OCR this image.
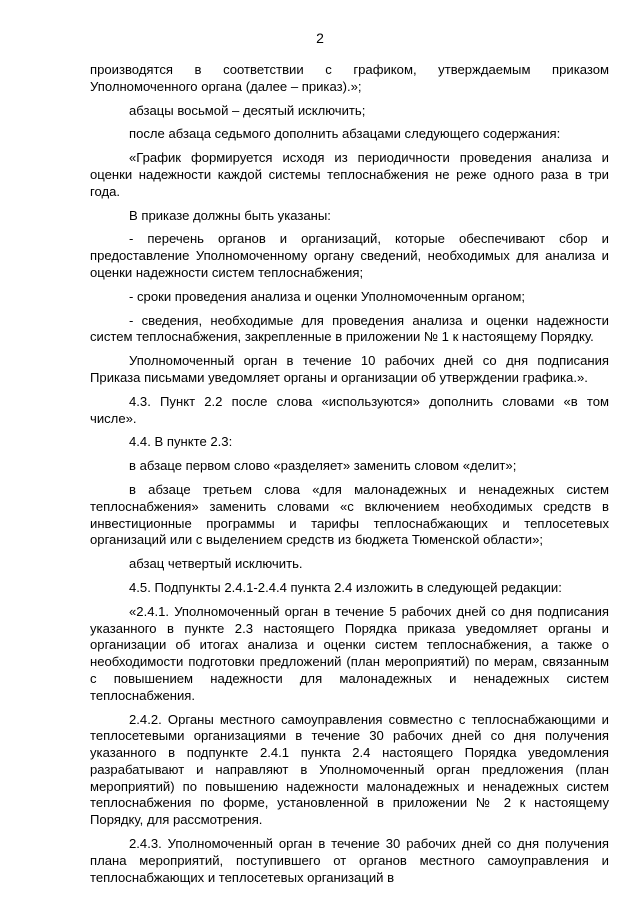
2

производятся в соответствии с графиком, утверждаемым приказом Уполномоченного органа (далее – приказ).»;

абзацы восьмой – десятый исключить;

после абзаца седьмого дополнить абзацами следующего содержания:

«График формируется исходя из периодичности проведения анализа и оценки надежности каждой системы теплоснабжения не реже одного раза в три года.

В приказе должны быть указаны:

- перечень органов и организаций, которые обеспечивают сбор и предоставление Уполномоченному органу сведений, необходимых для анализа и оценки надежности систем теплоснабжения;

- сроки проведения анализа и оценки Уполномоченным органом;

- сведения, необходимые для проведения анализа и оценки надежности систем теплоснабжения, закрепленные в приложении № 1 к настоящему Порядку.

Уполномоченный орган в течение 10 рабочих дней со дня подписания Приказа письмами уведомляет органы и организации об утверждении графика.».

4.3. Пункт 2.2 после слова «используются» дополнить словами «в том числе».

4.4. В пункте 2.3:

в абзаце первом слово «разделяет» заменить словом «делит»;

в абзаце третьем слова «для малонадежных и ненадежных систем теплоснабжения» заменить словами «с включением необходимых средств в инвестиционные программы и тарифы теплоснабжающих и теплосетевых организаций или с выделением средств из бюджета Тюменской области»;

абзац четвертый исключить.

4.5. Подпункты 2.4.1-2.4.4 пункта 2.4 изложить в следующей редакции:

«2.4.1. Уполномоченный орган в течение 5 рабочих дней со дня подписания указанного в пункте 2.3 настоящего Порядка приказа уведомляет органы и организации об итогах анализа и оценки систем теплоснабжения, а также о необходимости подготовки предложений (план мероприятий) по мерам, связанным с повышением надежности для малонадежных и ненадежных систем теплоснабжения.

2.4.2. Органы местного самоуправления совместно с теплоснабжающими и теплосетевыми организациями в течение 30 рабочих дней со дня получения указанного в подпункте 2.4.1 пункта 2.4 настоящего Порядка уведомления разрабатывают и направляют в Уполномоченный орган предложения (план мероприятий) по повышению надежности малонадежных и ненадежных систем теплоснабжения по форме, установленной в приложении № 2 к настоящему Порядку, для рассмотрения.

2.4.3. Уполномоченный орган в течение 30 рабочих дней со дня получения плана мероприятий, поступившего от органов местного самоуправления и теплоснабжающих и теплосетевых организаций в
